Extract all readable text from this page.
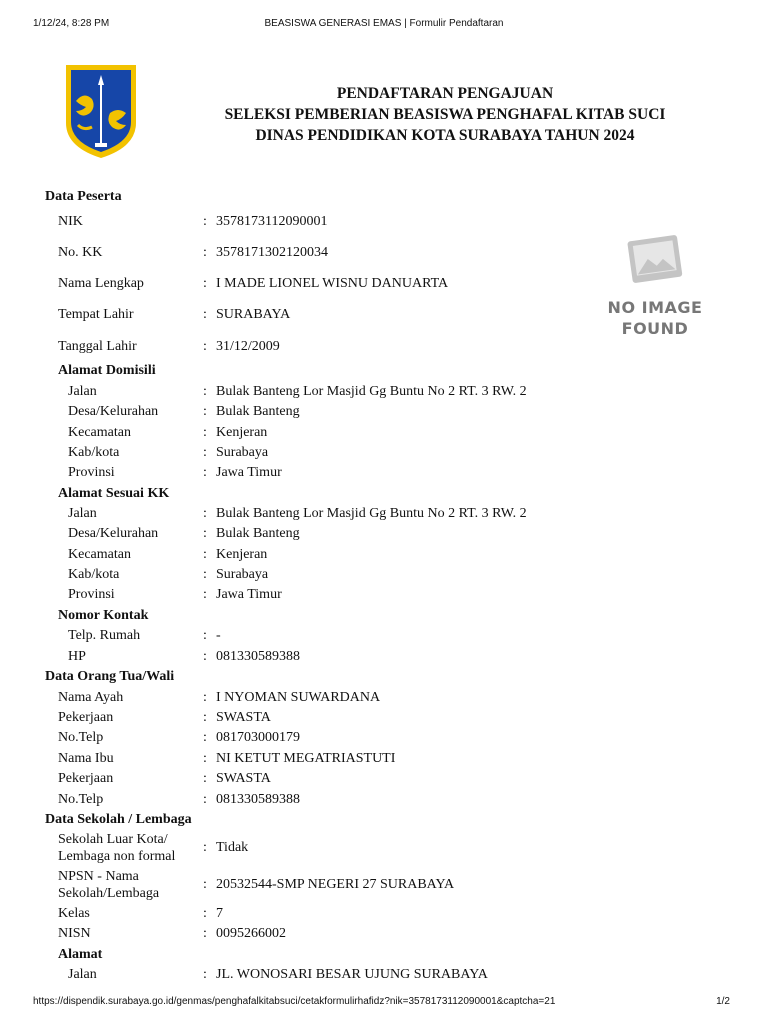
1/12/24, 8:28 PM	BEASISWA GENERASI EMAS | Formulir Pendaftaran
PENDAFTARAN PENGAJUAN
SELEKSI PEMBERIAN BEASISWA PENGHAFAL KITAB SUCI
DINAS PENDIDIKAN KOTA SURABAYA TAHUN 2024
NO IMAGE
FOUND
Data Peserta
NIK	: 3578173112090001
No. KK	: 3578171302120034
Nama Lengkap	: I MADE LIONEL WISNU DANUARTA
Tempat Lahir	: SURABAYA
Tanggal Lahir	: 31/12/2009
Alamat Domisili
Jalan	: Bulak Banteng Lor Masjid Gg Buntu No 2 RT. 3 RW. 2
Desa/Kelurahan	: Bulak Banteng
Kecamatan	: Kenjeran
Kab/kota	: Surabaya
Provinsi	: Jawa Timur
Alamat Sesuai KK
Jalan	: Bulak Banteng Lor Masjid Gg Buntu No 2 RT. 3 RW. 2
Desa/Kelurahan	: Bulak Banteng
Kecamatan	: Kenjeran
Kab/kota	: Surabaya
Provinsi	: Jawa Timur
Nomor Kontak
Telp. Rumah	: -
HP	: 081330589388
Data Orang Tua/Wali
Nama Ayah	: I NYOMAN SUWARDANA
Pekerjaan	: SWASTA
No.Telp	: 081703000179
Nama Ibu	: NI KETUT MEGATRIASTUTI
Pekerjaan	: SWASTA
No.Telp	: 081330589388
Data Sekolah / Lembaga
Sekolah Luar Kota/
Lembaga non formal
: Tidak
NPSN - Nama
Sekolah/Lembaga
: 20532544-SMP NEGERI 27 SURABAYA
Kelas	: 7
NISN	: 0095266002
Alamat
Jalan	: JL. WONOSARI BESAR UJUNG SURABAYA
https://dispendik.surabaya.go.id/genmas/penghafalkitabsuci/cetakformulirhafidz?nik=3578173112090001&captcha=21	1/2
